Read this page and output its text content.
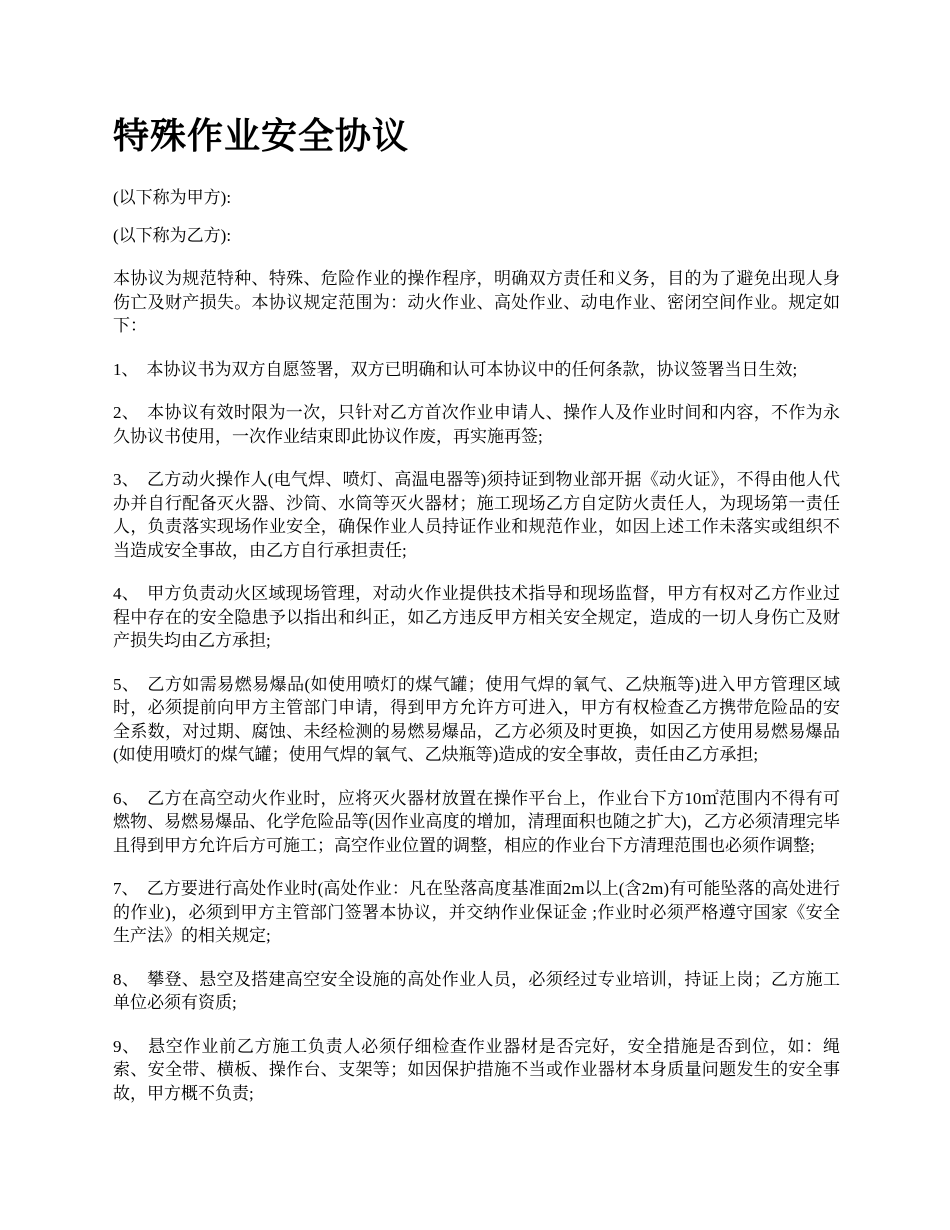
特殊作业安全协议

(以下称为甲方):

(以下称为乙方):

本协议为规范特种、特殊、危险作业的操作程序，明确双方责任和义务，目的为了避免出现人身伤亡及财产损失。本协议规定范围为：动火作业、高处作业、动电作业、密闭空间作业。规定如下：

1、 本协议书为双方自愿签署，双方已明确和认可本协议中的任何条款，协议签署当日生效;

2、 本协议有效时限为一次，只针对乙方首次作业申请人、操作人及作业时间和内容，不作为永久协议书使用，一次作业结束即此协议作废，再实施再签;

3、 乙方动火操作人(电气焊、喷灯、高温电器等)须持证到物业部开据《动火证》，不得由他人代办并自行配备灭火器、沙筒、水筒等灭火器材；施工现场乙方自定防火责任人，为现场第一责任人，负责落实现场作业安全，确保作业人员持证作业和规范作业，如因上述工作未落实或组织不当造成安全事故，由乙方自行承担责任;

4、 甲方负责动火区域现场管理，对动火作业提供技术指导和现场监督，甲方有权对乙方作业过程中存在的安全隐患予以指出和纠正，如乙方违反甲方相关安全规定，造成的一切人身伤亡及财产损失均由乙方承担;

5、 乙方如需易燃易爆品(如使用喷灯的煤气罐；使用气焊的氧气、乙炔瓶等)进入甲方管理区域时，必须提前向甲方主管部门申请，得到甲方允许方可进入，甲方有权检查乙方携带危险品的安全系数，对过期、腐蚀、未经检测的易燃易爆品，乙方必须及时更换，如因乙方使用易燃易爆品(如使用喷灯的煤气罐；使用气焊的氧气、乙炔瓶等)造成的安全事故，责任由乙方承担;

6、 乙方在高空动火作业时，应将灭火器材放置在操作平台上，作业台下方10㎡范围内不得有可燃物、易燃易爆品、化学危险品等(因作业高度的增加，清理面积也随之扩大)，乙方必须清理完毕且得到甲方允许后方可施工；高空作业位置的调整，相应的作业台下方清理范围也必须作调整;

7、 乙方要进行高处作业时(高处作业：凡在坠落高度基准面2m以上(含2m)有可能坠落的高处进行的作业)，必须到甲方主管部门签署本协议，并交纳作业保证金 ;作业时必须严格遵守国家《安全生产法》的相关规定;

8、 攀登、悬空及搭建高空安全设施的高处作业人员，必须经过专业培训，持证上岗；乙方施工单位必须有资质;

9、 悬空作业前乙方施工负责人必须仔细检查作业器材是否完好，安全措施是否到位，如：绳索、安全带、横板、操作台、支架等；如因保护措施不当或作业器材本身质量问题发生的安全事故，甲方概不负责;
